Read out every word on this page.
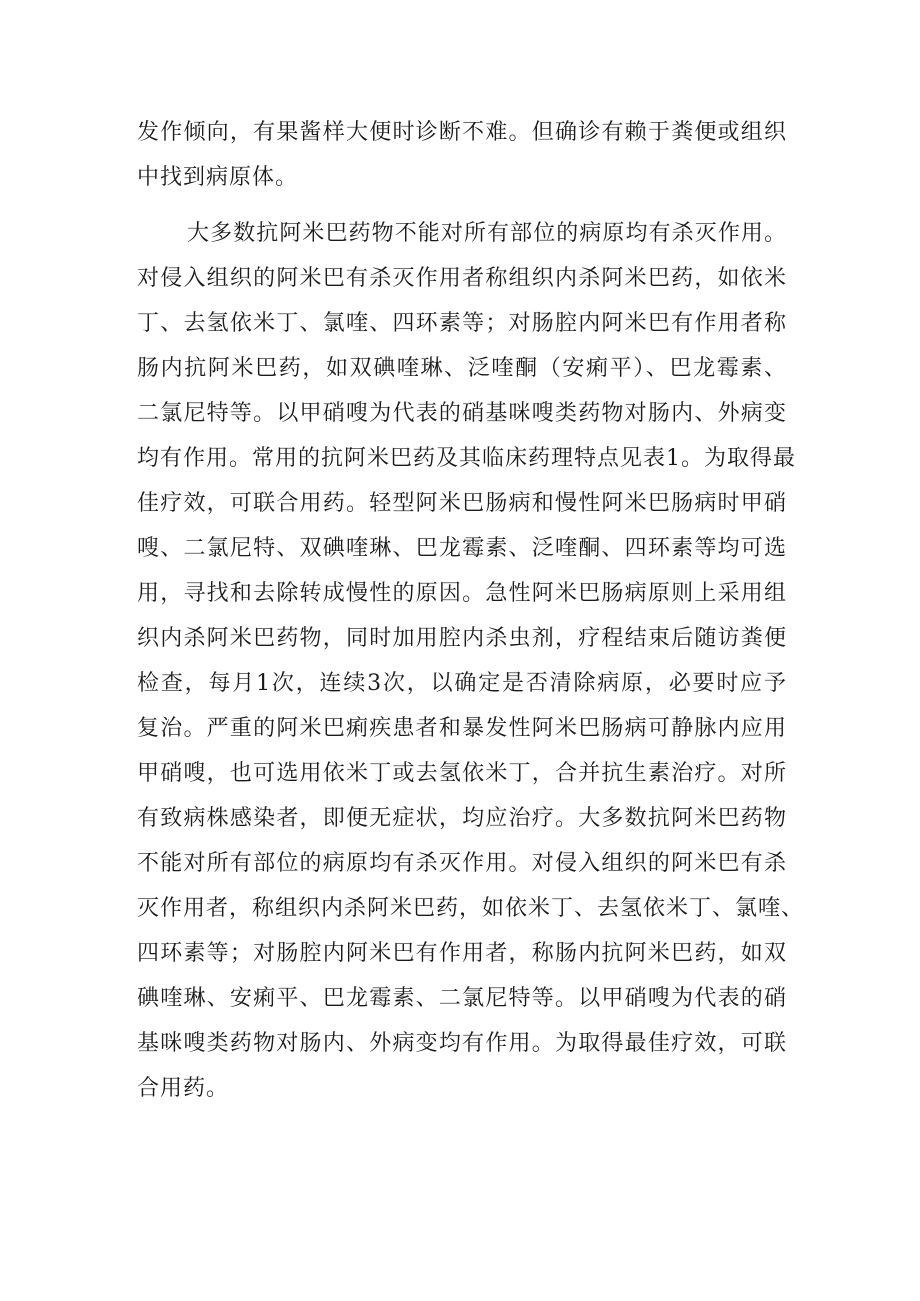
发作倾向，有果酱样大便时诊断不难。但确诊有赖于粪便或组织
中找到病原体。
大多数抗阿米巴药物不能对所有部位的病原均有杀灭作用。
对侵入组织的阿米巴有杀灭作用者称组织内杀阿米巴药，如依米
丁、去氢依米丁、氯喹、四环素等；对肠腔内阿米巴有作用者称
肠内抗阿米巴药，如双碘喹琳、泛喹酮（安痢平）、巴龙霉素、
二氯尼特等。以甲硝嗖为代表的硝基咪嗖类药物对肠内、外病变
均有作用。常用的抗阿米巴药及其临床药理特点见表1。为取得最
佳疗效，可联合用药。轻型阿米巴肠病和慢性阿米巴肠病时甲硝
嗖、二氯尼特、双碘喹琳、巴龙霉素、泛喹酮、四环素等均可选
用，寻找和去除转成慢性的原因。急性阿米巴肠病原则上采用组
织内杀阿米巴药物，同时加用腔内杀虫剂，疗程结束后随访粪便
检查，每月1次，连续3次，以确定是否清除病原，必要时应予
复治。严重的阿米巴痢疾患者和暴发性阿米巴肠病可静脉内应用
甲硝嗖，也可选用依米丁或去氢依米丁，合并抗生素治疗。对所
有致病株感染者，即便无症状，均应治疗。大多数抗阿米巴药物
不能对所有部位的病原均有杀灭作用。对侵入组织的阿米巴有杀
灭作用者，称组织内杀阿米巴药，如依米丁、去氢依米丁、氯喹、
四环素等；对肠腔内阿米巴有作用者，称肠内抗阿米巴药，如双
碘喹琳、安痢平、巴龙霉素、二氯尼特等。以甲硝嗖为代表的硝
基咪嗖类药物对肠内、外病变均有作用。为取得最佳疗效，可联
合用药。
